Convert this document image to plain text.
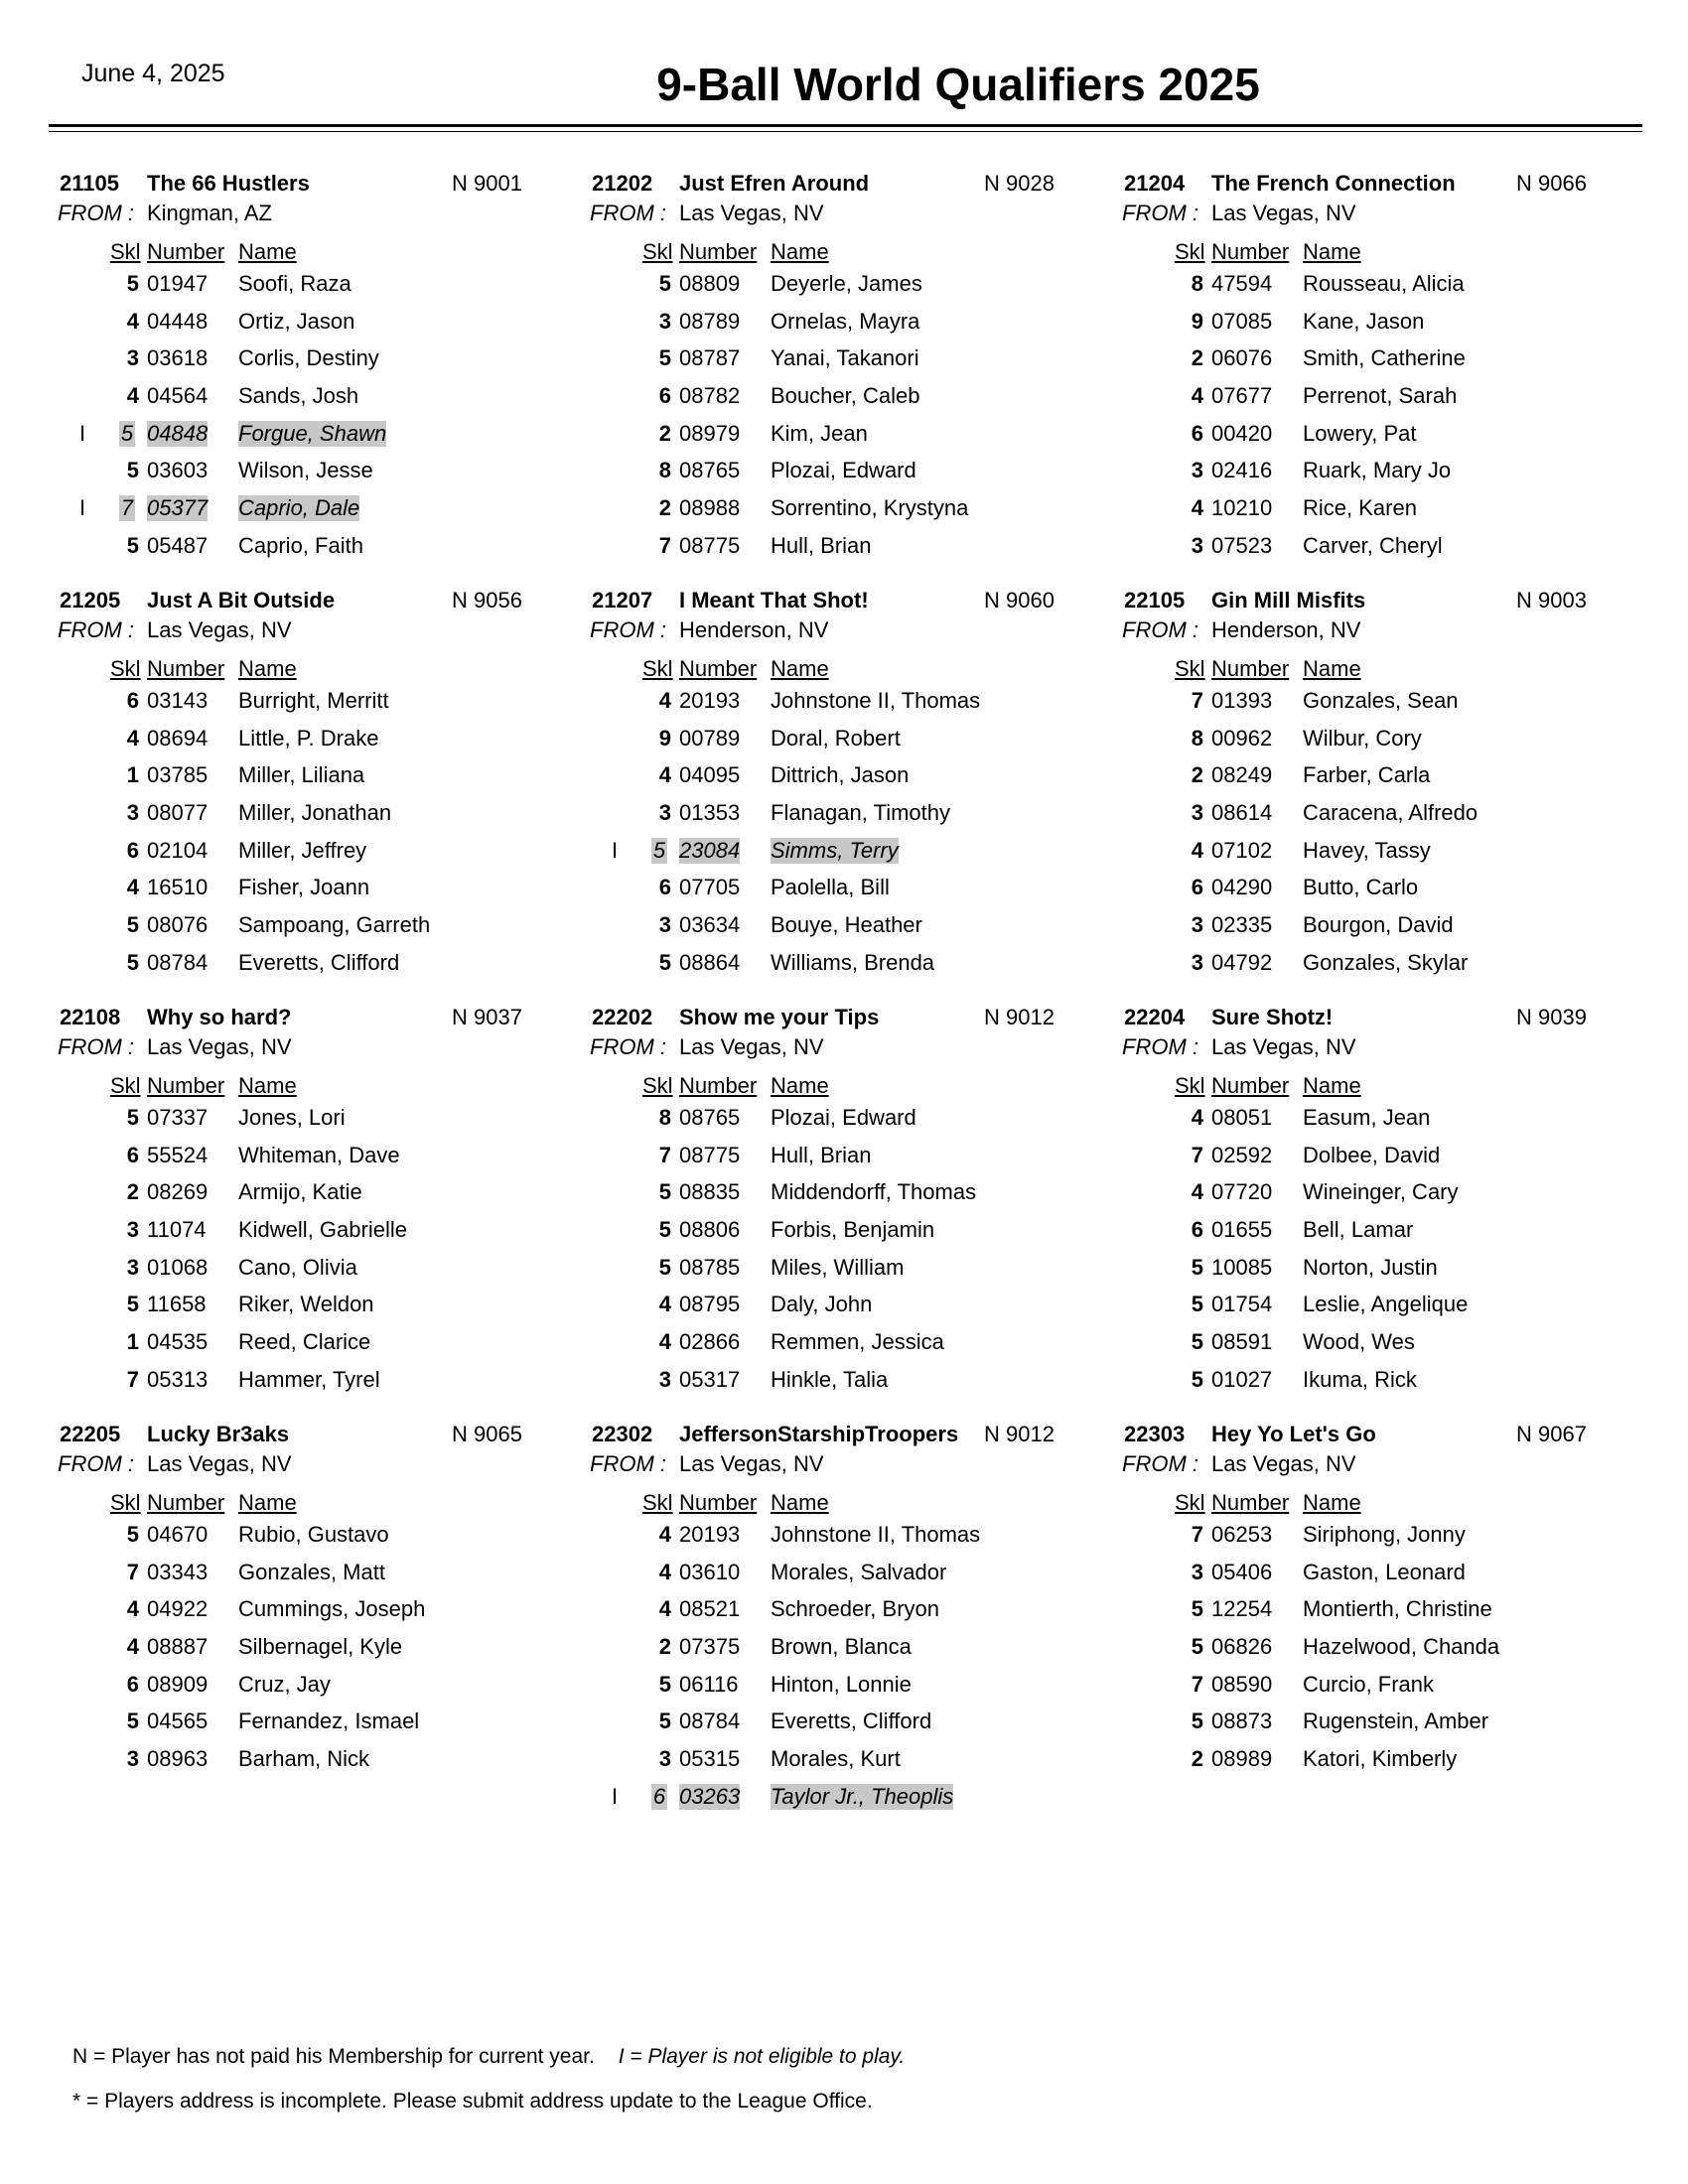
June 4, 2025	9-Ball World Qualifiers 2025
21105 The 66 Hustlers	N 9001
FROM : Kingman, AZ
Skl Number Name
5 01947 Soofi, Raza
4 04448 Ortiz, Jason
3 03618 Corlis, Destiny
4 04564 Sands, Josh
I 5 04848 Forgue, Shawn
5 03603 Wilson, Jesse
I 7 05377 Caprio, Dale
5 05487 Caprio, Faith
21202 Just Efren Around	N 9028
FROM : Las Vegas, NV
Skl Number Name
5 08809 Deyerle, James
3 08789 Ornelas, Mayra
5 08787 Yanai, Takanori
6 08782 Boucher, Caleb
2 08979 Kim, Jean
8 08765 Plozai, Edward
2 08988 Sorrentino, Krystyna
7 08775 Hull, Brian
21204 The French Connection	N 9066
FROM : Las Vegas, NV
Skl Number Name
8 47594 Rousseau, Alicia
9 07085 Kane, Jason
2 06076 Smith, Catherine
4 07677 Perrenot, Sarah
6 00420 Lowery, Pat
3 02416 Ruark, Mary Jo
4 10210 Rice, Karen
3 07523 Carver, Cheryl
21205 Just A Bit Outside	N 9056
FROM : Las Vegas, NV
Skl Number Name
6 03143 Burright, Merritt
4 08694 Little, P. Drake
1 03785 Miller, Liliana
3 08077 Miller, Jonathan
6 02104 Miller, Jeffrey
4 16510 Fisher, Joann
5 08076 Sampoang, Garreth
5 08784 Everetts, Clifford
21207 I Meant That Shot!	N 9060
FROM : Henderson, NV
Skl Number Name
4 20193 Johnstone II, Thomas
9 00789 Doral, Robert
4 04095 Dittrich, Jason
3 01353 Flanagan, Timothy
I 5 23084 Simms, Terry
6 07705 Paolella, Bill
3 03634 Bouye, Heather
5 08864 Williams, Brenda
22105 Gin Mill Misfits	N 9003
FROM : Henderson, NV
Skl Number Name
7 01393 Gonzales, Sean
8 00962 Wilbur, Cory
2 08249 Farber, Carla
3 08614 Caracena, Alfredo
4 07102 Havey, Tassy
6 04290 Butto, Carlo
3 02335 Bourgon, David
3 04792 Gonzales, Skylar
22108 Why so hard?	N 9037
FROM : Las Vegas, NV
Skl Number Name
5 07337 Jones, Lori
6 55524 Whiteman, Dave
2 08269 Armijo, Katie
3 11074 Kidwell, Gabrielle
3 01068 Cano, Olivia
5 11658 Riker, Weldon
1 04535 Reed, Clarice
7 05313 Hammer, Tyrel
22202 Show me your Tips	N 9012
FROM : Las Vegas, NV
Skl Number Name
8 08765 Plozai, Edward
7 08775 Hull, Brian
5 08835 Middendorff, Thomas
5 08806 Forbis, Benjamin
5 08785 Miles, William
4 08795 Daly, John
4 02866 Remmen, Jessica
3 05317 Hinkle, Talia
22204 Sure Shotz!	N 9039
FROM : Las Vegas, NV
Skl Number Name
4 08051 Easum, Jean
7 02592 Dolbee, David
4 07720 Wineinger, Cary
6 01655 Bell, Lamar
5 10085 Norton, Justin
5 01754 Leslie, Angelique
5 08591 Wood, Wes
5 01027 Ikuma, Rick
22205 Lucky Br3aks	N 9065
FROM : Las Vegas, NV
Skl Number Name
5 04670 Rubio, Gustavo
7 03343 Gonzales, Matt
4 04922 Cummings, Joseph
4 08887 Silbernagel, Kyle
6 08909 Cruz, Jay
5 04565 Fernandez, Ismael
3 08963 Barham, Nick
22302 JeffersonStarshipTroopers N 9012
FROM : Las Vegas, NV
Skl Number Name
4 20193 Johnstone II, Thomas
4 03610 Morales, Salvador
4 08521 Schroeder, Bryon
2 07375 Brown, Blanca
5 06116 Hinton, Lonnie
5 08784 Everetts, Clifford
3 05315 Morales, Kurt
I 6 03263 Taylor Jr., Theoplis
22303 Hey Yo Let's Go	N 9067
FROM : Las Vegas, NV
Skl Number Name
7 06253 Siriphong, Jonny
3 05406 Gaston, Leonard
5 12254 Montierth, Christine
5 06826 Hazelwood, Chanda
7 08590 Curcio, Frank
5 08873 Rugenstein, Amber
2 08989 Katori, Kimberly
N = Player has not paid his Membership for current year. I = Player is not eligible to play.
* = Players address is incomplete. Please submit address update to the League Office.
